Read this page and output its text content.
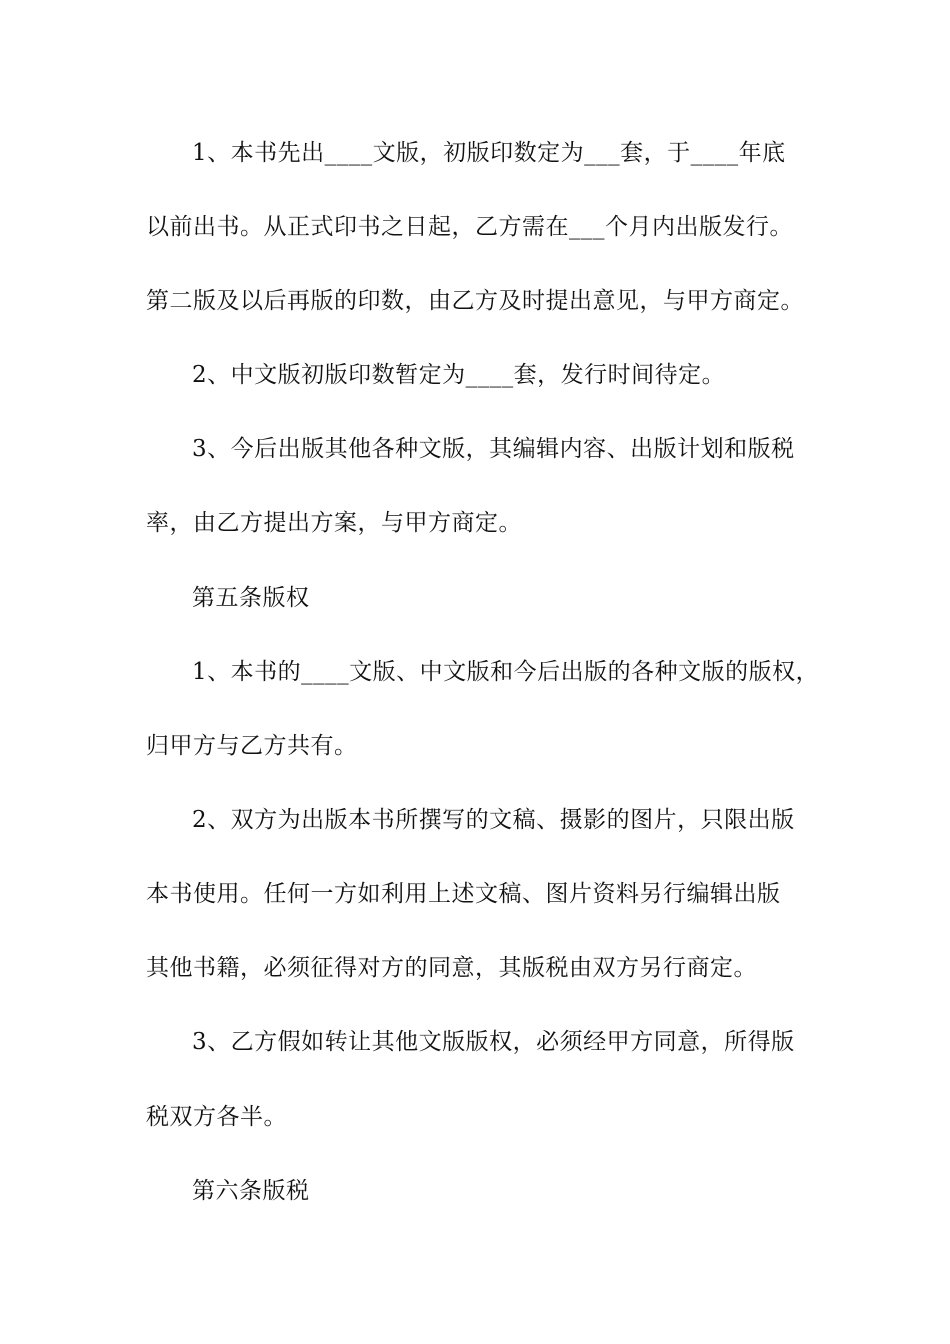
1、本书先出____文版，初版印数定为___套，于____年底
以前出书。从正式印书之日起，乙方需在___个月内出版发行。
第二版及以后再版的印数，由乙方及时提出意见，与甲方商定。
2、中文版初版印数暂定为____套，发行时间待定。
3、今后出版其他各种文版，其编辑内容、出版计划和版税
率，由乙方提出方案，与甲方商定。
第五条版权
1、本书的____文版、中文版和今后出版的各种文版的版权，
归甲方与乙方共有。
2、双方为出版本书所撰写的文稿、摄影的图片，只限出版
本书使用。任何一方如利用上述文稿、图片资料另行编辑出版
其他书籍，必须征得对方的同意，其版税由双方另行商定。
3、乙方假如转让其他文版版权，必须经甲方同意，所得版
税双方各半。
第六条版税
